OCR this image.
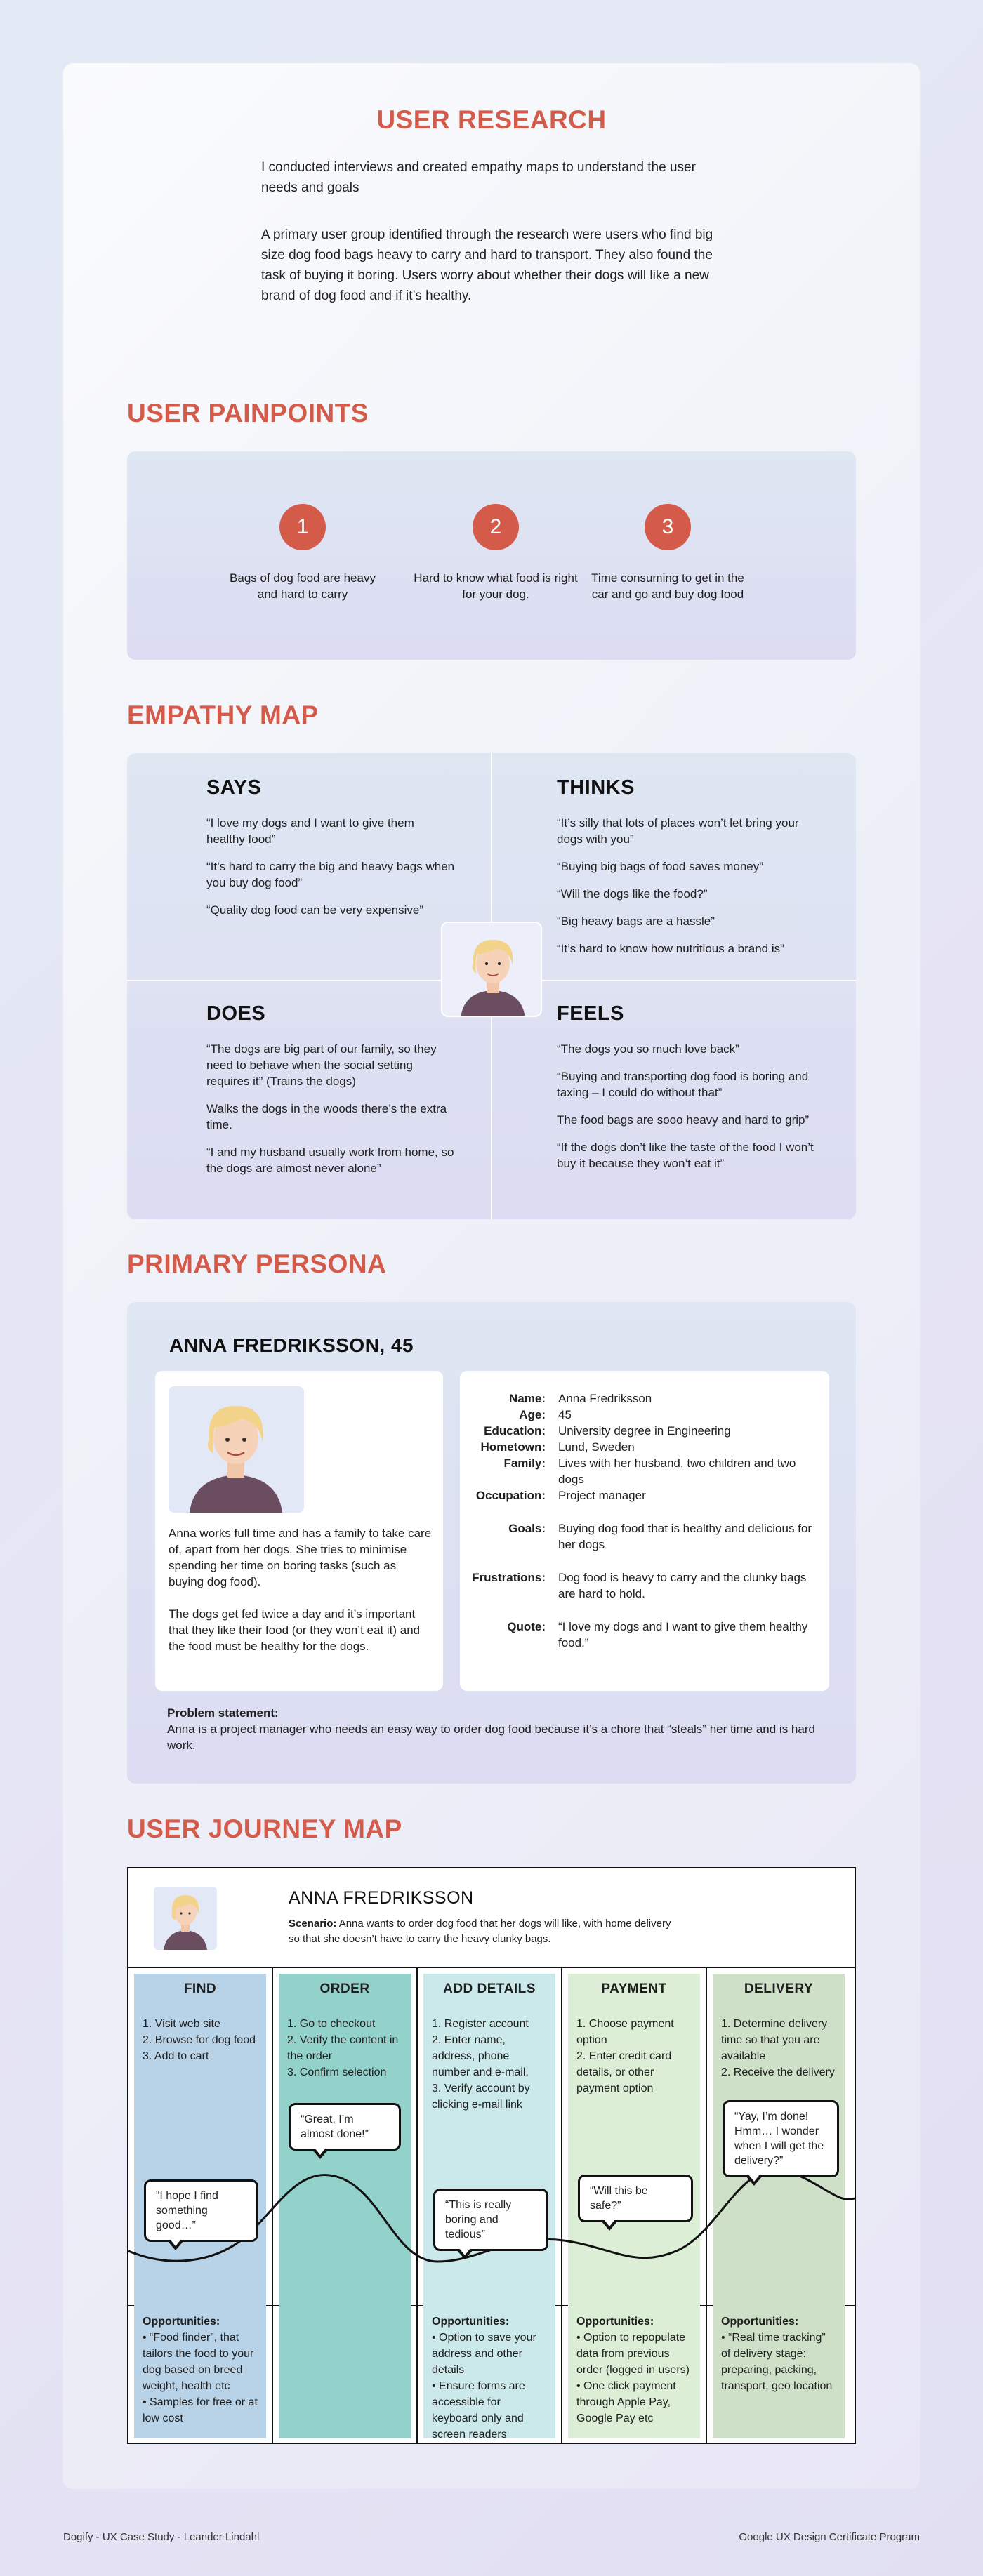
USER RESEARCH
I conducted interviews and created empathy maps to understand the user needs and goals
A primary user group identified through the research were users who find big size dog food bags heavy to carry and hard to transport. They also found the task of buying it boring. Users worry about whether their dogs will like a new brand of dog food and if it’s healthy.
USER PAINPOINTS
1
Bags of dog food are heavy and hard to carry
2
Hard to know what food is right for your dog.
3
Time consuming to get in the car and go and buy dog food
EMPATHY MAP
SAYS

“I love my dogs and I want to give them healthy food”

“It’s hard to carry the big and heavy bags when you buy dog food”

“Quality dog food can be very expensive”

THINKS

“It’s silly that lots of places won’t let bring your dogs with you”

“Buying big bags of food saves money”

“Will the dogs like the food?”

“Big heavy bags are a hassle”

“It’s hard to know how nutritious a brand is”

DOES

“The dogs are big part of our family, so they need to behave when the social setting requires it” (Trains the dogs)

Walks the dogs in the woods there’s the extra time.

“I and my husband usually work from home, so the dogs are almost never alone”

FEELS

“The dogs you so much love back”

“Buying and transporting dog food is boring and taxing – I could do without that”

The food bags are sooo heavy and hard to grip”

“If the dogs don’t like the taste of the food I won’t buy it because they won’t eat it”

PRIMARY PERSONA
ANNA FREDRIKSSON, 45
Anna works full time and has a family to take care of, apart from her dogs. She tries to minimise spending her time on boring tasks (such as buying dog food).
The dogs get fed twice a day and it’s important that they like their food (or they won’t eat it) and the food must be healthy for the dogs.
Name:	Anna Fredriksson
Age:	45
Education:	University degree in Engineering
Hometown:	Lund, Sweden
Family:	Lives with her husband, two children and two dogs
Occupation:	Project manager
Goals:	Buying dog food that is healthy and delicious for her dogs
Frustrations:	Dog food is heavy to carry and the clunky bags are hard to hold.
Quote:	“I love my dogs and I want to give them healthy food.”
Problem statement:
Anna is a project manager who needs an easy way to order dog food because it’s a chore that “steals” her time and is hard work.
USER JOURNEY MAP
ANNA FREDRIKSSON
Scenario: Anna wants to order dog food that her dogs will like, with home delivery so that she doesn’t have to carry the heavy clunky bags.
FIND
1. Visit web site
2. Browse for dog food
3. Add to cart
Opportunities:
• “Food finder”, that tailors the food to your dog based on breed weight, health etc
• Samples for free or at low cost
ORDER
1. Go to checkout
2. Verify the content in the order
3. Confirm selection
ADD DETAILS
1. Register account
2. Enter name, address, phone number and e-mail.
3. Verify account by clicking e-mail link
Opportunities:
• Option to save your address and other details
• Ensure forms are accessible for keyboard only and screen readers
PAYMENT
1. Choose payment option
2. Enter credit card details, or other payment option
Opportunities:
• Option to repopulate data from previous order (logged in users)
• One click payment through Apple Pay, Google Pay etc
DELIVERY
1. Determine delivery time so that you are available
2. Receive the delivery
Opportunities:
• “Real time tracking” of delivery stage: preparing, packing, transport, geo location
“I hope I find something good…”
“Great, I’m almost done!”
“This is really boring and tedious”
“Will this be safe?”
“Yay, I’m done! Hmm… I wonder when I will get the delivery?”
Dogify - UX Case Study - Leander Lindahl	Google UX Design Certificate Program
